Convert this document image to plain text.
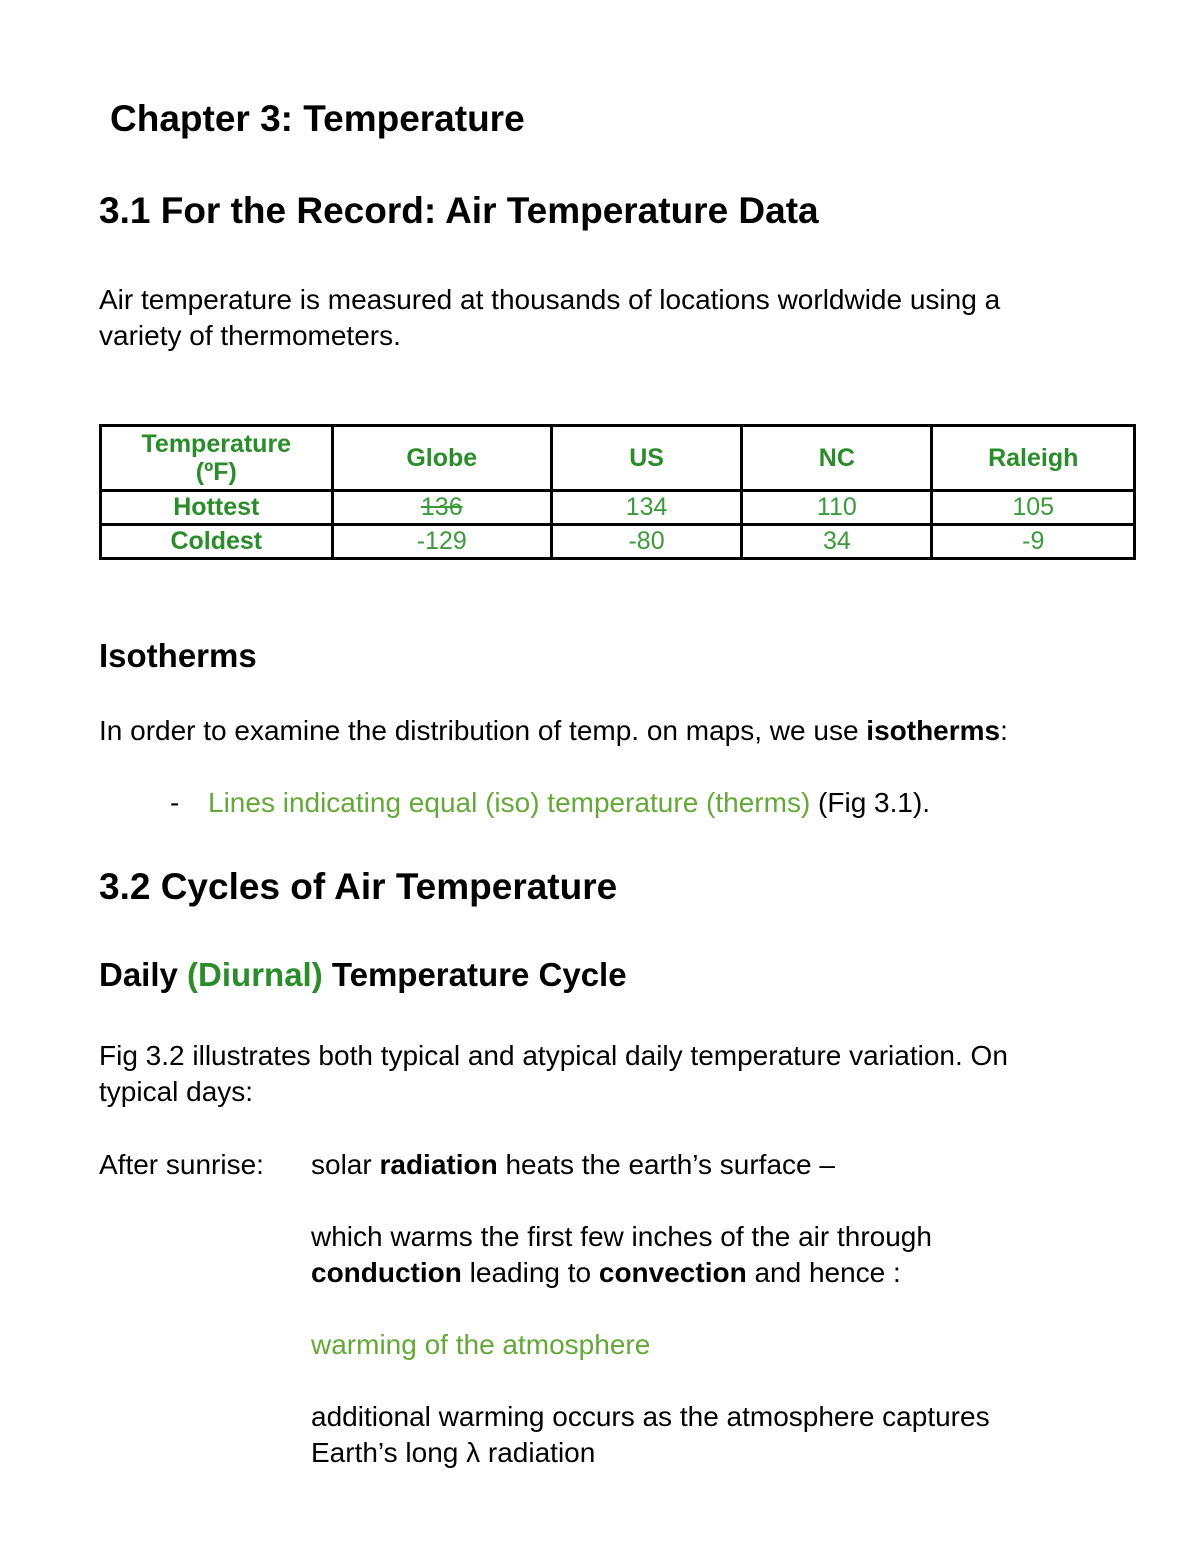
Chapter 3: Temperature
3.1 For the Record: Air Temperature Data

Air temperature is measured at thousands of locations worldwide using a
variety of thermometers.

Temperature
(ºF)	Globe	US	NC	Raleigh
Hottest	136	134	110	105
Coldest	-129	-80	34	-9
Isotherms

In order to examine the distribution of temp. on maps, we use isotherms:

- Lines indicating equal (iso) temperature (therms) (Fig 3.1).

3.2 Cycles of Air Temperature
Daily (Diurnal) Temperature Cycle

Fig 3.2 illustrates both typical and atypical daily temperature variation. On
typical days:

After sunrise: solar radiation heats the earth’s surface –

which warms the first few inches of the air through
conduction leading to convection and hence :

warming of the atmosphere

additional warming occurs as the atmosphere captures
Earth’s long λ radiation
